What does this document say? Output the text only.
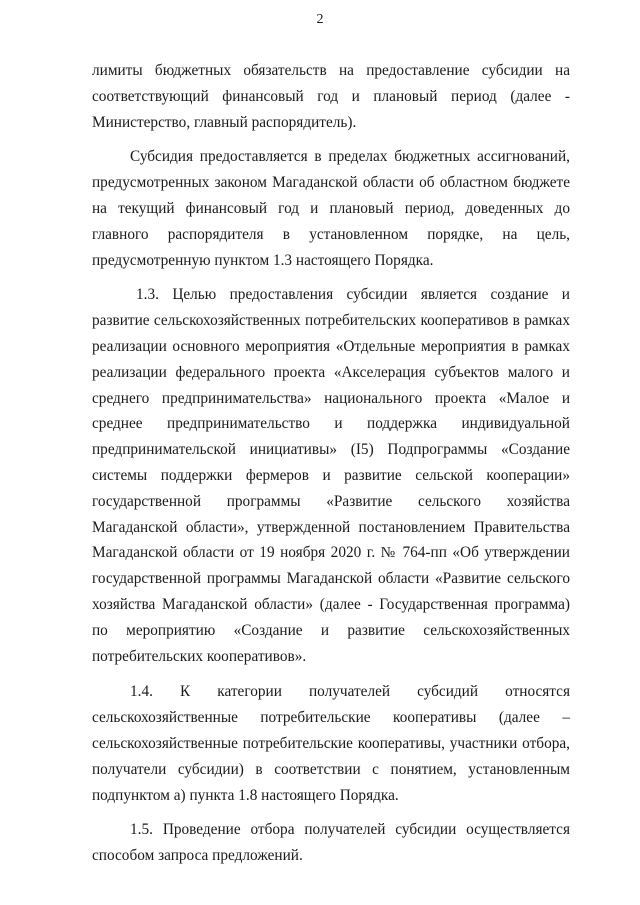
2

лимиты бюджетных обязательств на предоставление субсидии на соответствующий финансовый год и плановый период (далее - Министерство, главный распорядитель).

Субсидия предоставляется в пределах бюджетных ассигнований, предусмотренных законом Магаданской области об областном бюджете на текущий финансовый год и плановый период, доведенных до главного распорядителя в установленном порядке, на цель, предусмотренную пунктом 1.3 настоящего Порядка.

1.3. Целью предоставления субсидии является создание и развитие сельскохозяйственных потребительских кооперативов в рамках реализации основного мероприятия «Отдельные мероприятия в рамках реализации федерального проекта «Акселерация субъектов малого и среднего предпринимательства» национального проекта «Малое и среднее предпринимательство и поддержка индивидуальной предпринимательской инициативы» (I5) Подпрограммы «Создание системы поддержки фермеров и развитие сельской кооперации» государственной программы «Развитие сельского хозяйства Магаданской области», утвержденной постановлением Правительства Магаданской области от 19 ноября 2020 г. № 764-пп «Об утверждении государственной программы Магаданской области «Развитие сельского хозяйства Магаданской области» (далее - Государственная программа) по мероприятию «Создание и развитие сельскохозяйственных потребительских кооперативов».

1.4. К категории получателей субсидий относятся сельскохозяйственные потребительские кооперативы (далее – сельскохозяйственные потребительские кооперативы, участники отбора, получатели субсидии) в соответствии с понятием, установленным подпунктом а) пункта 1.8 настоящего Порядка.

1.5. Проведение отбора получателей субсидии осуществляется способом запроса предложений.
